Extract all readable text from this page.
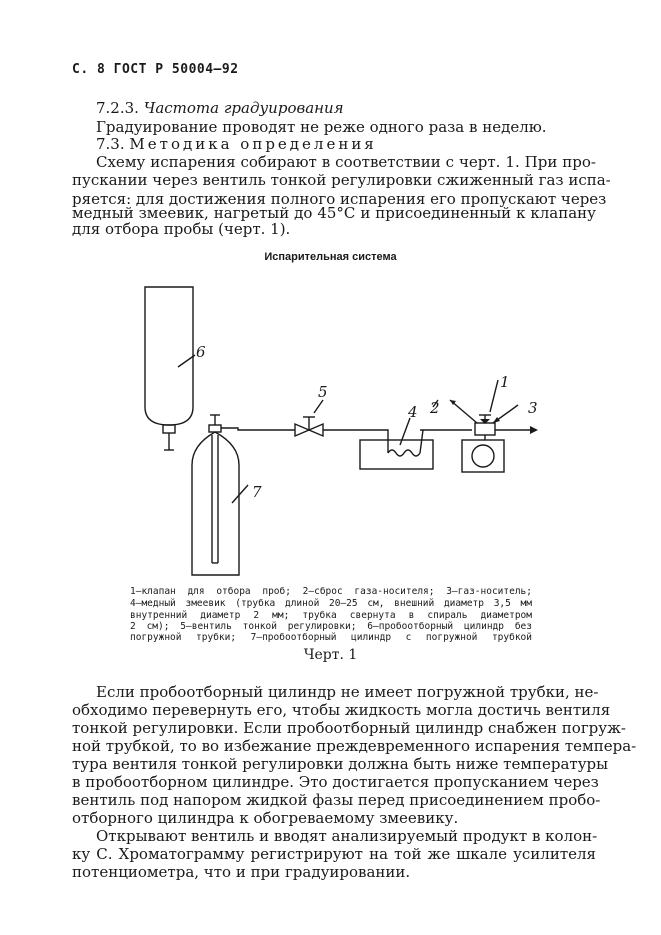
С. 8 ГОСТ Р 50004—92
7.2.3. Частота градуирования
Градуирование проводят не реже одного раза в неделю.
7.3. Методика определения
Схему испарения собирают в соответствии с черт. 1. При про-
пускании через вентиль тонкой регулировки сжиженный газ испа-
ряется: для достижения полного испарения его пропускают через
медный змеевик, нагретый до 45°С и присоединенный к клапану
для отбора пробы (черт. 1).
Испарительная система
1
2	3
4
5
6
7
1—клапан для отбора проб; 2—сброс газа-носителя; 3—газ-носитель;
4—медный змеевик (трубка длиной 20—25 см, внешний диаметр 3,5 мм
внутренний диаметр 2 мм; трубка свернута в спираль диаметром
2 см); 5—вентиль тонкой регулировки; 6—пробоотборный цилиндр без
погружной трубки; 7—пробоотборный цилиндр с погружной трубкой
Черт. 1
Если пробоотборный цилиндр не имеет погружной трубки, не-
обходимо перевернуть его, чтобы жидкость могла достичь вентиля
тонкой регулировки. Если пробоотборный цилиндр снабжен погруж-
ной трубкой, то во избежание преждевременного испарения темпера-
тура вентиля тонкой регулировки должна быть ниже температуры
в пробоотборном цилиндре. Это достигается пропусканием через
вентиль под напором жидкой фазы перед присоединением пробо-
отборного цилиндра к обогреваемому змеевику.
Открывают вентиль и вводят анализируемый продукт в колон-
ку С. Хроматограмму регистрируют на той же шкале усилителя
потенциометра, что и при градуировании.
